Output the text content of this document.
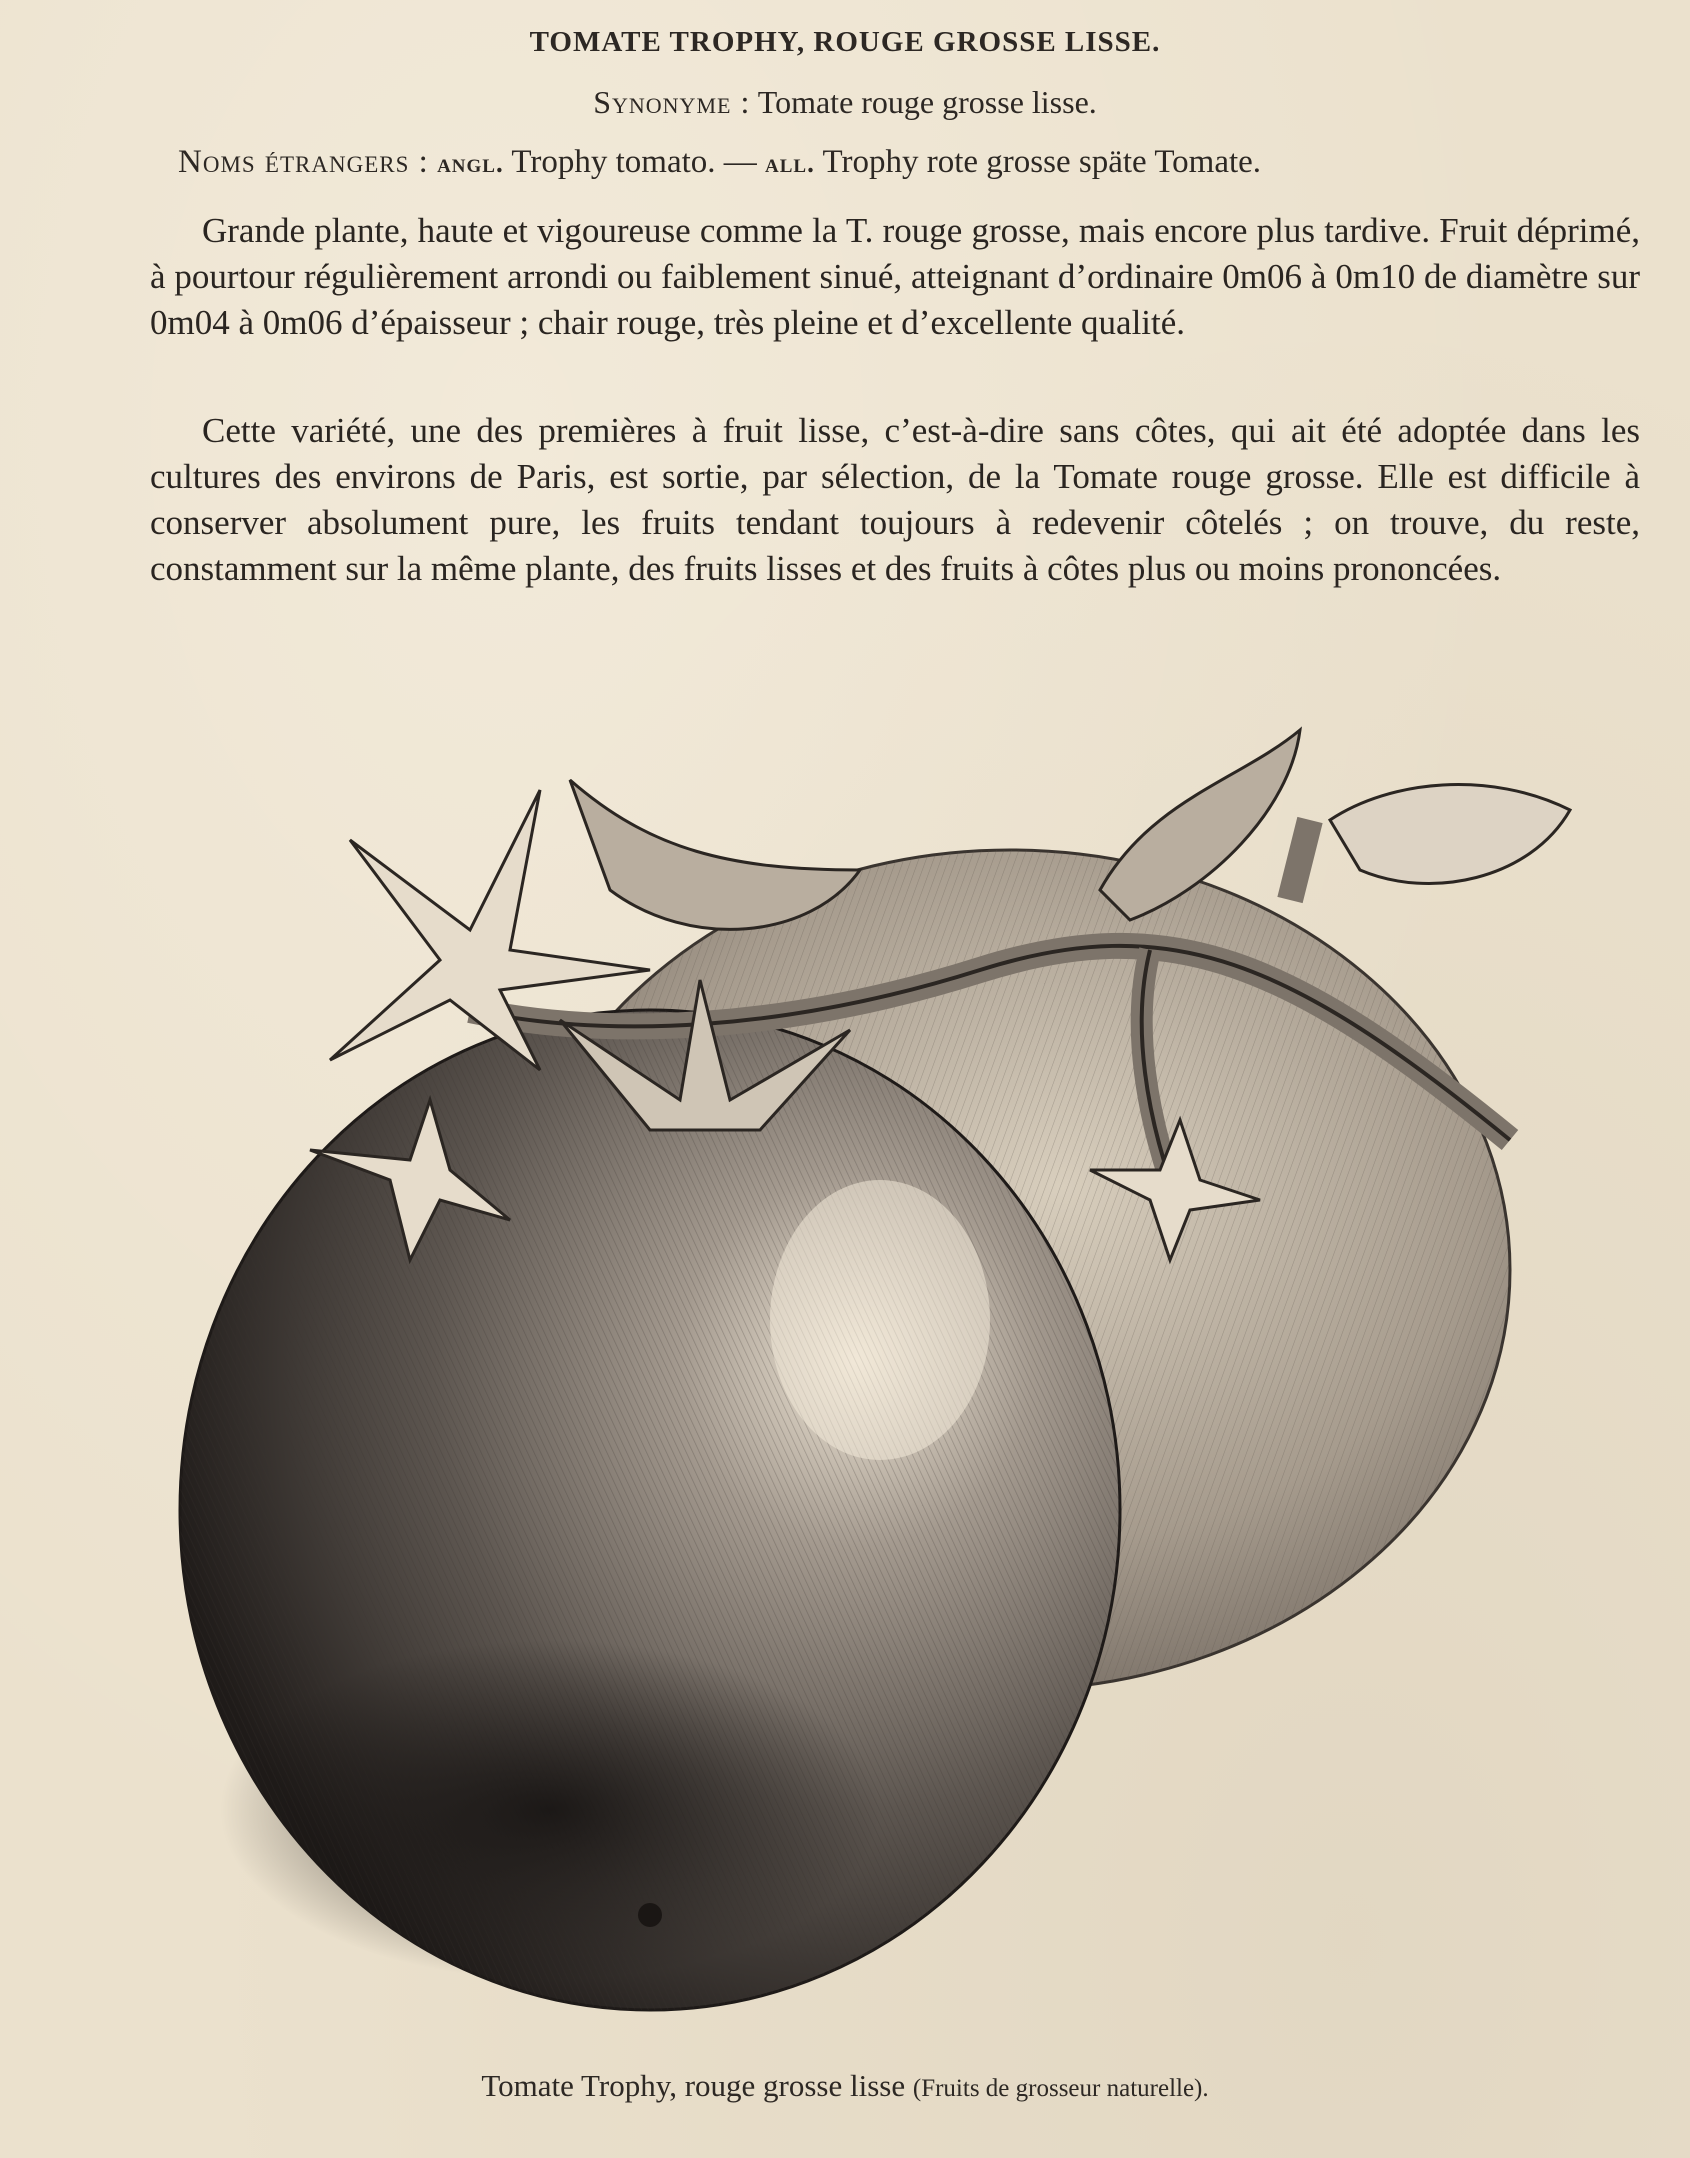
TOMATE TROPHY, ROUGE GROSSE LISSE.
Synonyme : Tomate rouge grosse lisse.
Noms étrangers : angl. Trophy tomato. — all. Trophy rote grosse späte Tomate.
Grande plante, haute et vigoureuse comme la T. rouge grosse, mais encore plus tardive. Fruit déprimé, à pourtour régulièrement arrondi ou faiblement sinué, atteignant d’ordinaire 0m06 à 0m10 de diamètre sur 0m04 à 0m06 d’épaisseur ; chair rouge, très pleine et d’excellente qualité.
Cette variété, une des premières à fruit lisse, c’est-à-dire sans côtes, qui ait été adoptée dans les cultures des environs de Paris, est sortie, par sélection, de la Tomate rouge grosse. Elle est difficile à conserver absolument pure, les fruits tendant toujours à redevenir côtelés ; on trouve, du reste, constamment sur la même plante, des fruits lisses et des fruits à côtes plus ou moins prononcées.
Tomate Trophy, rouge grosse lisse (Fruits de grosseur naturelle).
